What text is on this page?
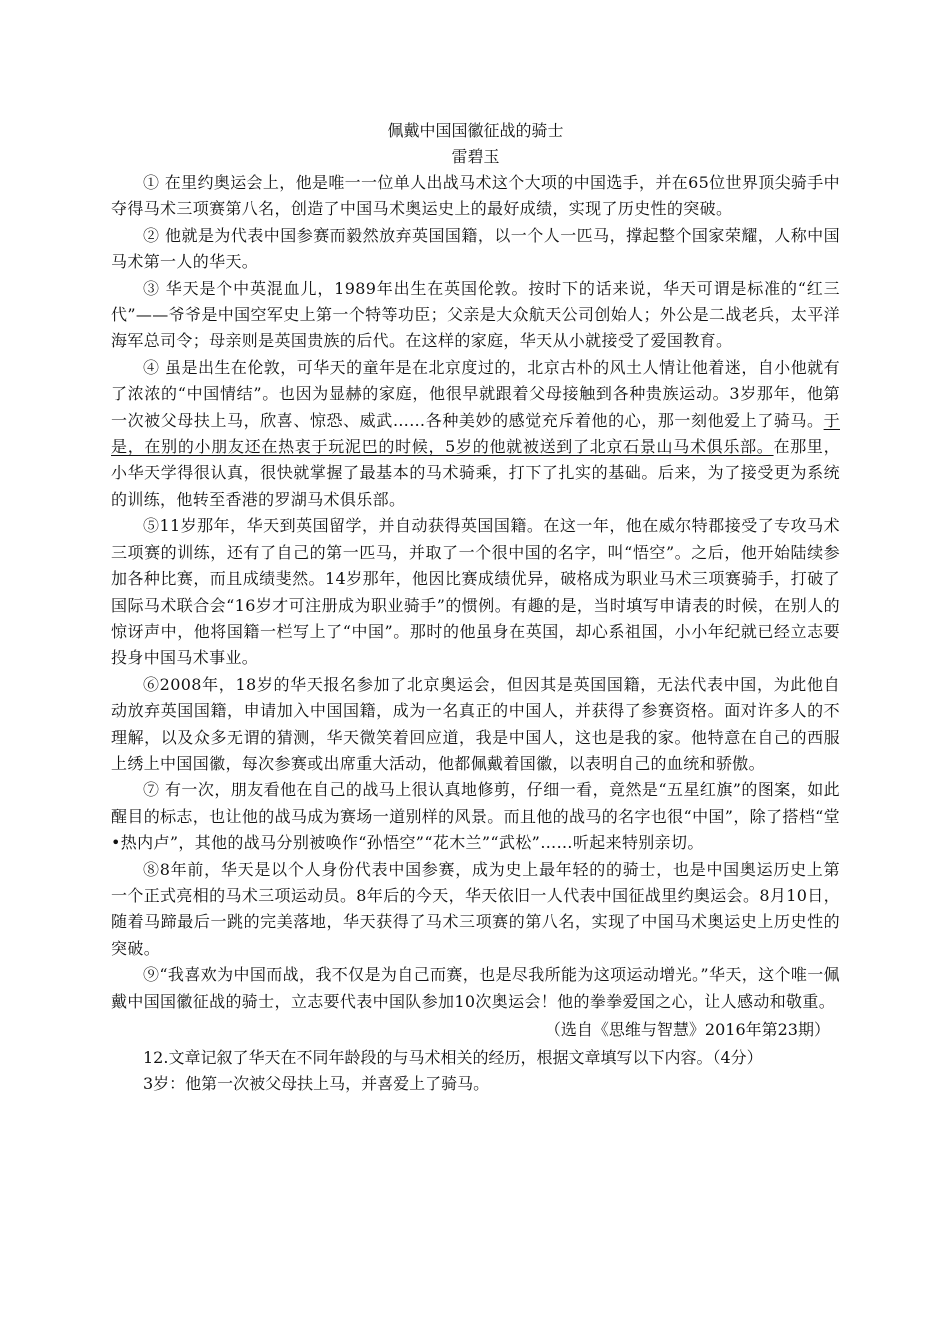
佩戴中国国徽征战的骑士

雷碧玉

① 在里约奥运会上，他是唯一一位单人出战马术这个大项的中国选手，并在65位世界顶尖骑手中夺得马术三项赛第八名，创造了中国马术奥运史上的最好成绩，实现了历史性的突破。

② 他就是为代表中国参赛而毅然放弃英国国籍，以一个人一匹马，撑起整个国家荣耀，人称中国马术第一人的华天。

③ 华天是个中英混血儿，1989年出生在英国伦敦。按时下的话来说，华天可谓是标准的“红三代”——爷爷是中国空军史上第一个特等功臣；父亲是大众航天公司创始人；外公是二战老兵，太平洋海军总司令；母亲则是英国贵族的后代。在这样的家庭，华天从小就接受了爱国教育。

④ 虽是出生在伦敦，可华天的童年是在北京度过的，北京古朴的风土人情让他着迷，自小他就有了浓浓的“中国情结”。也因为显赫的家庭，他很早就跟着父母接触到各种贵族运动。3岁那年，他第一次被父母扶上马，欣喜、惊恐、威武……各种美妙的感觉充斥着他的心，那一刻他爱上了骑马。于是，在别的小朋友还在热衷于玩泥巴的时候，5岁的他就被送到了北京石景山马术俱乐部。在那里，小华天学得很认真，很快就掌握了最基本的马术骑乘，打下了扎实的基础。后来，为了接受更为系统的训练，他转至香港的罗湖马术俱乐部。

⑤11岁那年，华天到英国留学，并自动获得英国国籍。在这一年，他在威尔特郡接受了专攻马术三项赛的训练，还有了自己的第一匹马，并取了一个很中国的名字，叫“悟空”。之后，他开始陆续参加各种比赛，而且成绩斐然。14岁那年，他因比赛成绩优异，破格成为职业马术三项赛骑手，打破了国际马术联合会“16岁才可注册成为职业骑手”的惯例。有趣的是，当时填写申请表的时候，在别人的惊讶声中，他将国籍一栏写上了“中国”。那时的他虽身在英国，却心系祖国，小小年纪就已经立志要投身中国马术事业。

⑥2008年，18岁的华天报名参加了北京奥运会，但因其是英国国籍，无法代表中国，为此他自动放弃英国国籍，申请加入中国国籍，成为一名真正的中国人，并获得了参赛资格。面对许多人的不理解，以及众多无谓的猜测，华天微笑着回应道，我是中国人，这也是我的家。他特意在自己的西服上绣上中国国徽，每次参赛或出席重大活动，他都佩戴着国徽，以表明自己的血统和骄傲。

⑦ 有一次，朋友看他在自己的战马上很认真地修剪，仔细一看，竟然是“五星红旗”的图案，如此醒目的标志，也让他的战马成为赛场一道别样的风景。而且他的战马的名字也很“中国”，除了搭档“堂•热内卢”，其他的战马分别被唤作“孙悟空”“花木兰”“武松”……听起来特别亲切。

⑧8年前，华天是以个人身份代表中国参赛，成为史上最年轻的的骑士，也是中国奥运历史上第一个正式亮相的马术三项运动员。8年后的今天，华天依旧一人代表中国征战里约奥运会。8月10日，随着马蹄最后一跳的完美落地，华天获得了马术三项赛的第八名，实现了中国马术奥运史上历史性的突破。

⑨“我喜欢为中国而战，我不仅是为自己而赛，也是尽我所能为这项运动增光。”华天，这个唯一佩戴中国国徽征战的骑士，立志要代表中国队参加10次奥运会！他的拳拳爱国之心，让人感动和敬重。

（选自《思维与智慧》2016年第23期）

12.文章记叙了华天在不同年龄段的与马术相关的经历，根据文章填写以下内容。（4分）

3岁：他第一次被父母扶上马，并喜爱上了骑马。
